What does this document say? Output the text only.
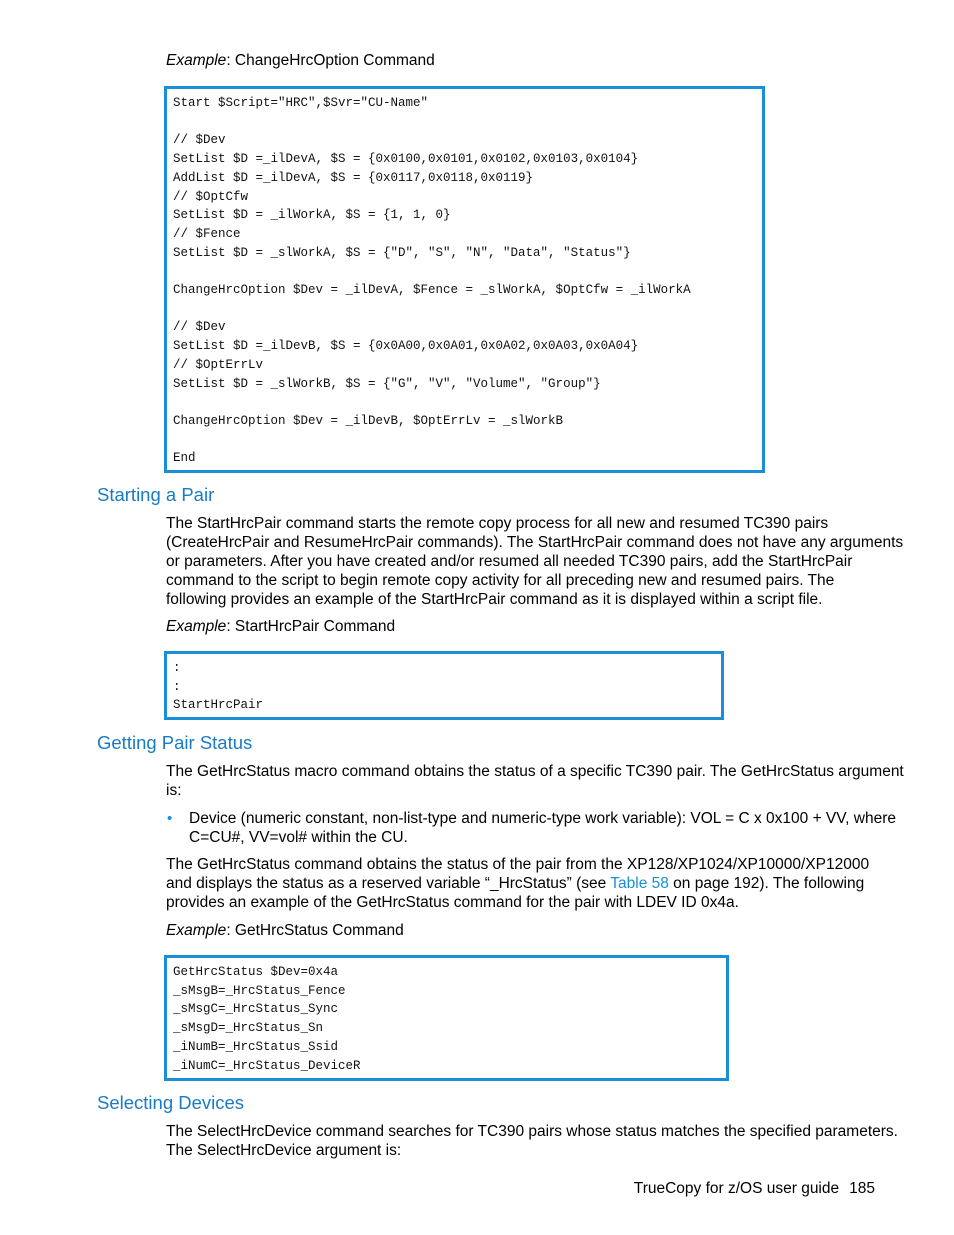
Example: ChangeHrcOption Command
Start $Script="HRC",$Svr="CU-Name"

// $Dev
SetList $D =_ilDevA, $S = {0x0100,0x0101,0x0102,0x0103,0x0104}
AddList $D =_ilDevA, $S = {0x0117,0x0118,0x0119}
// $OptCfw
SetList $D = _ilWorkA, $S = {1, 1, 0}
// $Fence
SetList $D = _slWorkA, $S = {"D", "S", "N", "Data", "Status"}

ChangeHrcOption $Dev = _ilDevA, $Fence = _slWorkA, $OptCfw = _ilWorkA

// $Dev
SetList $D =_ilDevB, $S = {0x0A00,0x0A01,0x0A02,0x0A03,0x0A04}
// $OptErrLv
SetList $D = _slWorkB, $S = {"G", "V", "Volume", "Group"}

ChangeHrcOption $Dev = _ilDevB, $OptErrLv = _slWorkB

End
Starting a Pair
The StartHrcPair command starts the remote copy process for all new and resumed TC390 pairs
(CreateHrcPair and ResumeHrcPair commands). The StartHrcPair command does not have any arguments
or parameters. After you have created and/or resumed all needed TC390 pairs, add the StartHrcPair
command to the script to begin remote copy activity for all preceding new and resumed pairs. The
following provides an example of the StartHrcPair command as it is displayed within a script file.
Example: StartHrcPair Command
:
:
StartHrcPair
Getting Pair Status
The GetHrcStatus macro command obtains the status of a specific TC390 pair. The GetHrcStatus argument
is:
• Device (numeric constant, non-list-type and numeric-type work variable): VOL = C x 0x100 + VV, where
C=CU#, VV=vol# within the CU.
The GetHrcStatus command obtains the status of the pair from the XP128/XP1024/XP10000/XP12000
and displays the status as a reserved variable “_HrcStatus” (see Table 58 on page 192). The following
provides an example of the GetHrcStatus command for the pair with LDEV ID 0x4a.
Example: GetHrcStatus Command
GetHrcStatus $Dev=0x4a
_sMsgB=_HrcStatus_Fence
_sMsgC=_HrcStatus_Sync
_sMsgD=_HrcStatus_Sn
_iNumB=_HrcStatus_Ssid
_iNumC=_HrcStatus_DeviceR
Selecting Devices
The SelectHrcDevice command searches for TC390 pairs whose status matches the specified parameters.
The SelectHrcDevice argument is:
TrueCopy for z/OS user guide 185
